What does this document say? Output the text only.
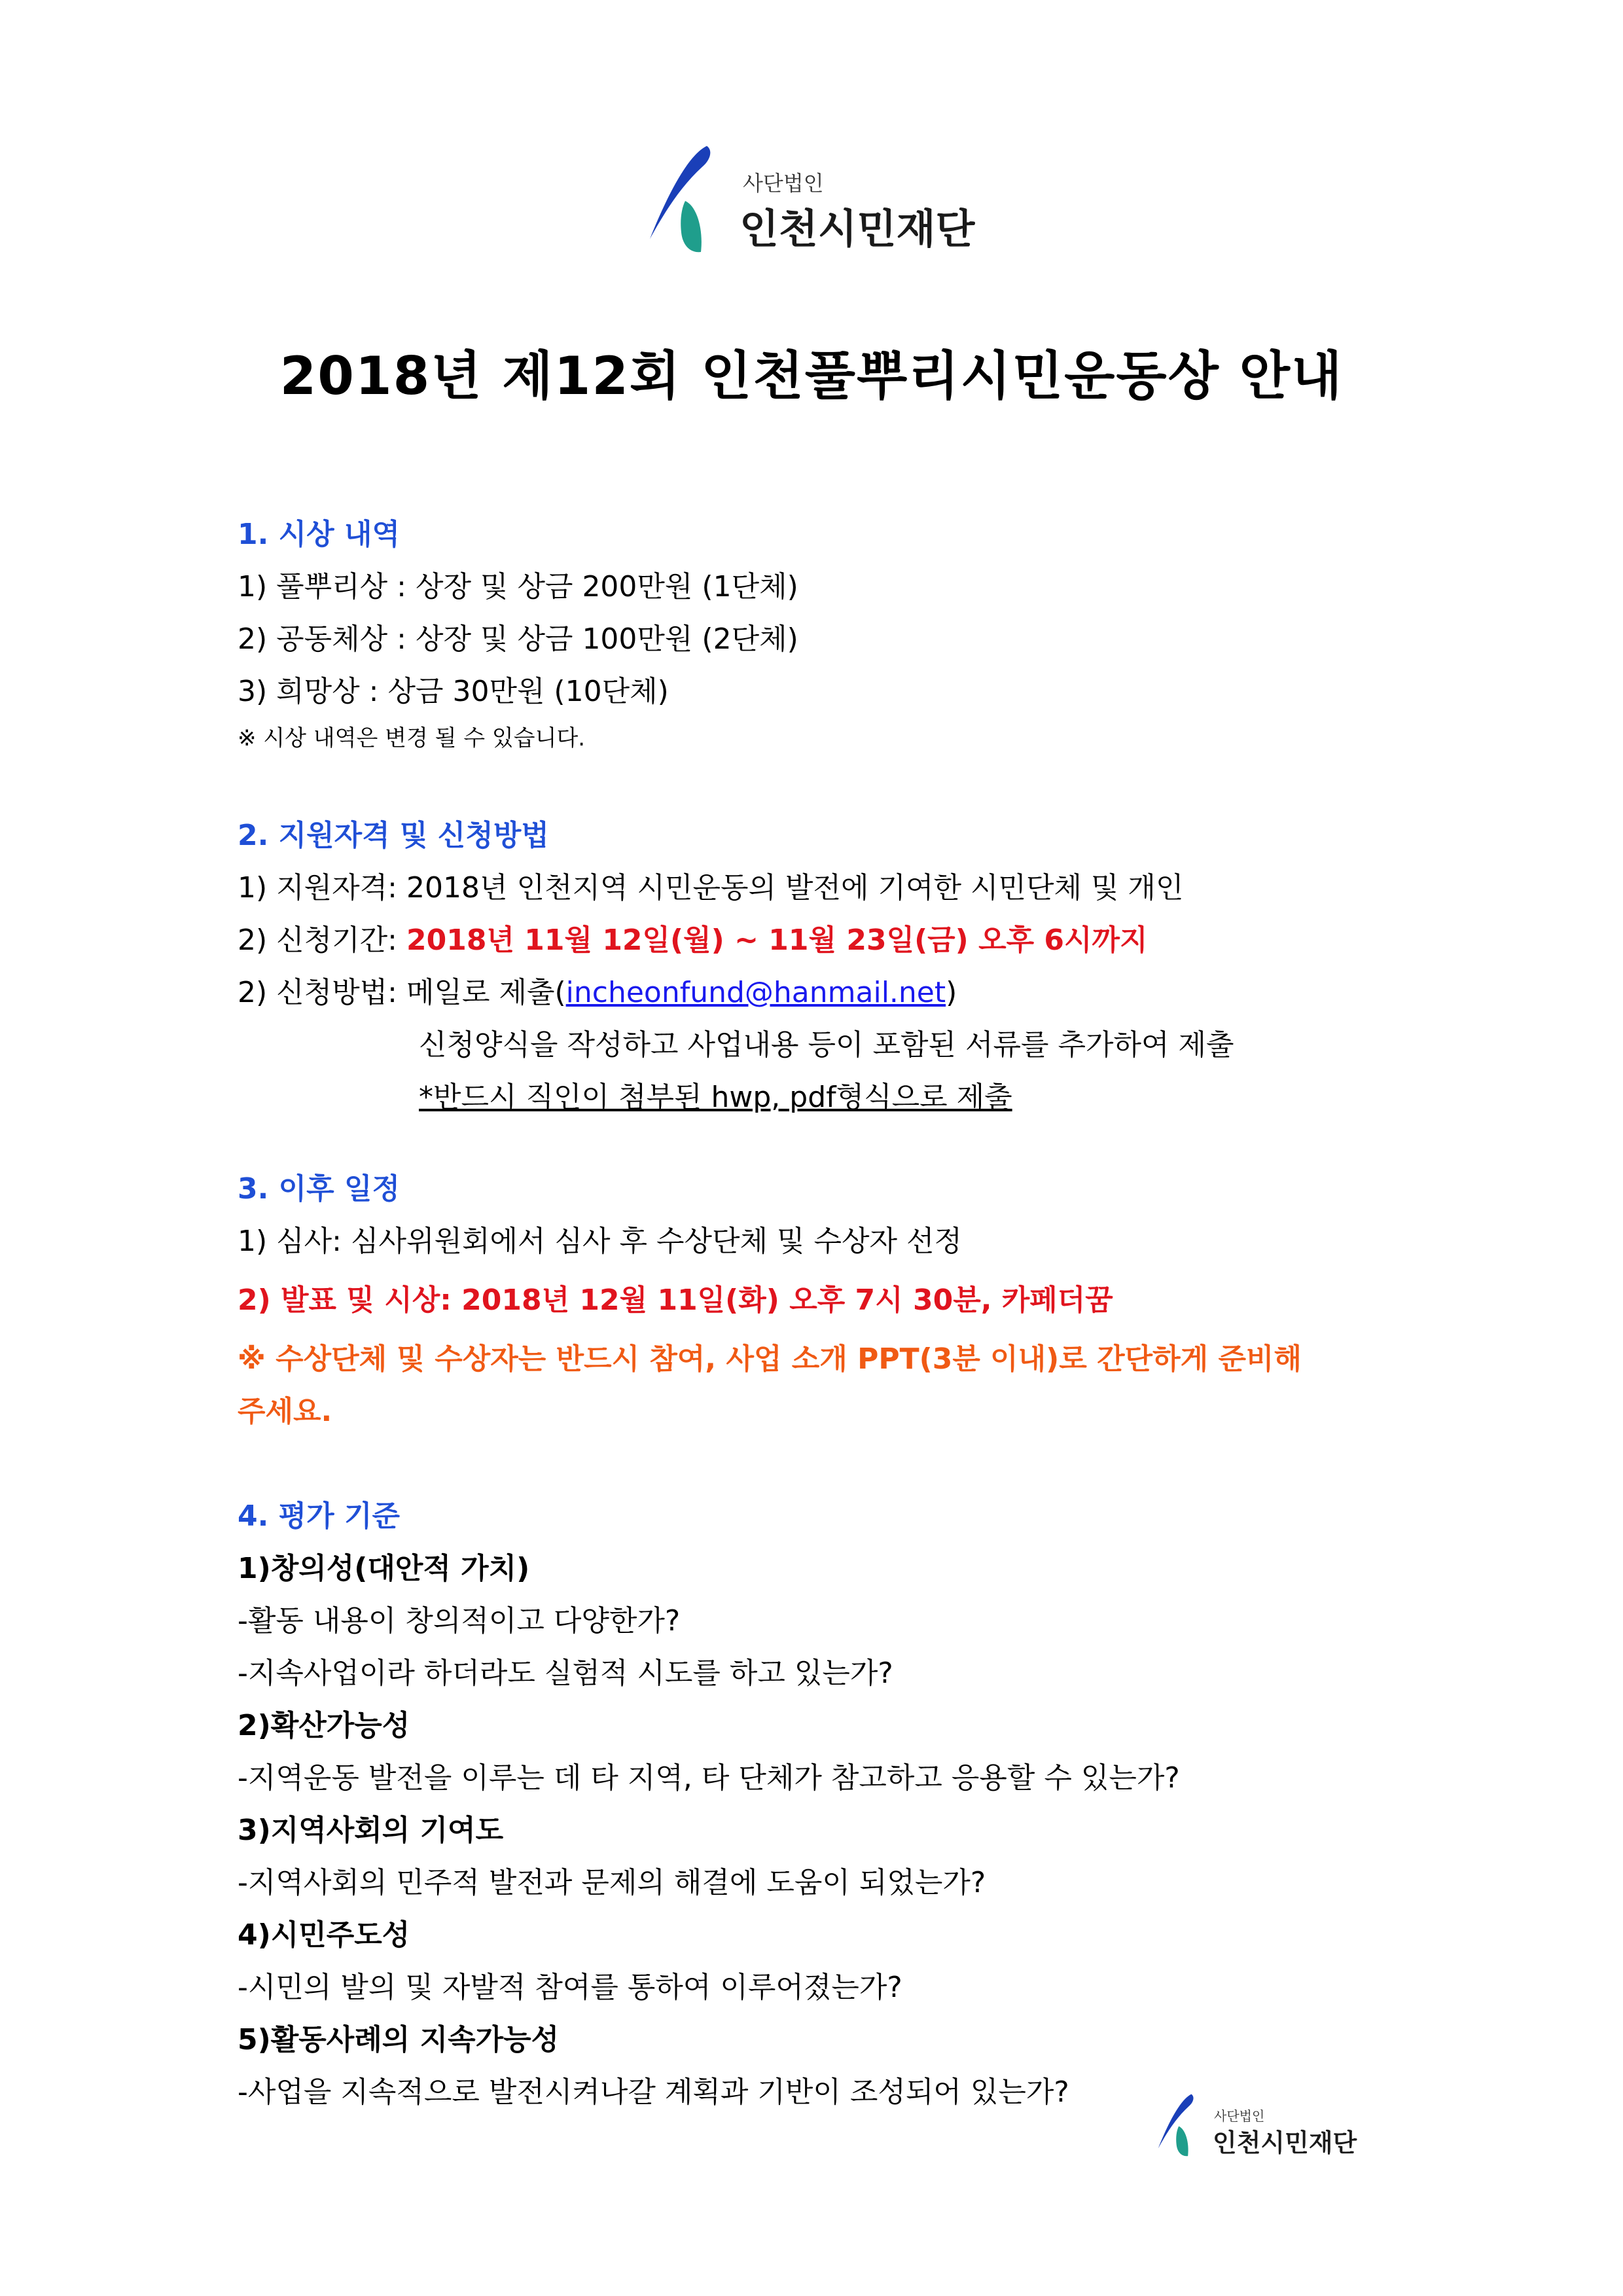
사단법인
인천시민재단
2018년 제12회 인천풀뿌리시민운동상 안내
1. 시상 내역
1) 풀뿌리상 : 상장 및 상금 200만원 (1단체)
2) 공동체상 : 상장 및 상금 100만원 (2단체)
3) 희망상 : 상금 30만원 (10단체)
※ 시상 내역은 변경 될 수 있습니다.
2. 지원자격 및 신청방법
1) 지원자격: 2018년 인천지역 시민운동의 발전에 기여한 시민단체 및 개인
2) 신청기간: 2018년 11월 12일(월) ~ 11월 23일(금) 오후 6시까지
2) 신청방법: 메일로 제출(incheonfund@hanmail.net)
신청양식을 작성하고 사업내용 등이 포함된 서류를 추가하여 제출
*반드시 직인이 첨부된 hwp, pdf형식으로 제출
3. 이후 일정
1) 심사: 심사위원회에서 심사 후 수상단체 및 수상자 선정
2) 발표 및 시상: 2018년 12월 11일(화) 오후 7시 30분, 카페더꿈
※ 수상단체 및 수상자는 반드시 참여, 사업 소개 PPT(3분 이내)로 간단하게 준비해
주세요.
4. 평가 기준
1)창의성(대안적 가치)
-활동 내용이 창의적이고 다양한가?
-지속사업이라 하더라도 실험적 시도를 하고 있는가?
2)확산가능성
-지역운동 발전을 이루는 데 타 지역, 타 단체가 참고하고 응용할 수 있는가?
3)지역사회의 기여도
-지역사회의 민주적 발전과 문제의 해결에 도움이 되었는가?
4)시민주도성
-시민의 발의 및 자발적 참여를 통하여 이루어졌는가?
5)활동사례의 지속가능성
-사업을 지속적으로 발전시켜나갈 계획과 기반이 조성되어 있는가?
사단법인
인천시민재단
